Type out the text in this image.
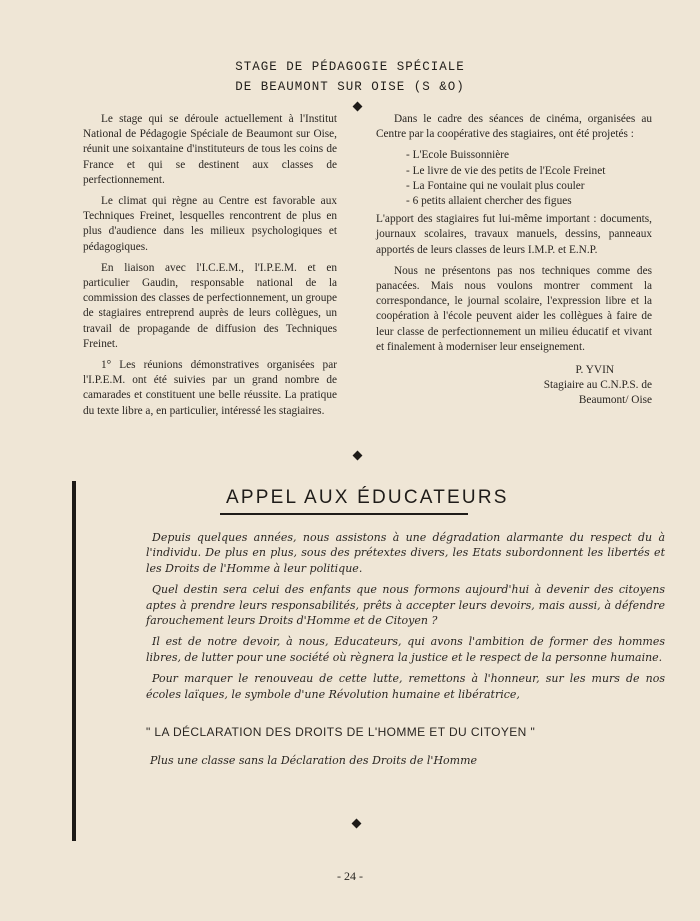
STAGE DE PÉDAGOGIE SPÉCIALE
DE BEAUMONT SUR OISE (S &O)

Le stage qui se déroule actuellement à l'Institut National de Pédagogie Spéciale de Beaumont sur Oise, réunit une soixantaine d'instituteurs de tous les coins de France et qui se destinent aux classes de perfectionnement.

Le climat qui règne au Centre est favorable aux Techniques Freinet, lesquelles rencontrent de plus en plus d'audience dans les milieux psychologiques et pédagogiques.

En liaison avec l'I.C.E.M., l'I.P.E.M. et en particulier Gaudin, responsable national de la commission des classes de perfectionnement, un groupe de stagiaires entreprend auprès de leurs collègues, un travail de propagande de diffusion des Techniques Freinet.

1° Les réunions démonstratives organisées par l'I.P.E.M. ont été suivies par un grand nombre de camarades et constituent une belle réussite. La pratique du texte libre a, en particulier, intéressé les stagiaires.

Dans le cadre des séances de cinéma, organisées au Centre par la coopérative des stagiaires, ont été projetés :

- L'Ecole Buissonnière
- Le livre de vie des petits de l'Ecole Freinet
- La Fontaine qui ne voulait plus couler
- 6 petits allaient chercher des figues

L'apport des stagiaires fut lui-même important : documents, journaux scolaires, travaux manuels, dessins, panneaux apportés de leurs classes de leurs I.M.P. et E.N.P.

Nous ne présentons pas nos techniques comme des panacées. Mais nous voulons montrer comment la correspondance, le journal scolaire, l'expression libre et la coopération à l'école peuvent aider les collègues à faire de leur classe de perfectionnement un milieu éducatif et vivant et finalement à moderniser leur enseignement.

P. YVIN
Stagiaire au C.N.P.S. de
Beaumont/ Oise
APPEL AUX ÉDUCATEURS

Depuis quelques années, nous assistons à une dégradation alarmante du respect du à l'individu. De plus en plus, sous des prétextes divers, les Etats subordonnent les libertés et les Droits de l'Homme à leur politique.

Quel destin sera celui des enfants que nous formons aujourd'hui à devenir des citoyens aptes à prendre leurs responsabilités, prêts à accepter leurs devoirs, mais aussi, à défendre farouchement leurs Droits d'Homme et de Citoyen ?

Il est de notre devoir, à nous, Educateurs, qui avons l'ambition de former des hommes libres, de lutter pour une société où règnera la justice et le respect de la personne humaine.

Pour marquer le renouveau de cette lutte, remettons à l'honneur, sur les murs de nos écoles laïques, le symbole d'une Révolution humaine et libératrice,

" LA DÉCLARATION DES DROITS DE L'HOMME ET DU CITOYEN "
Plus une classe sans la Déclaration des Droits de l'Homme
- 24 -
